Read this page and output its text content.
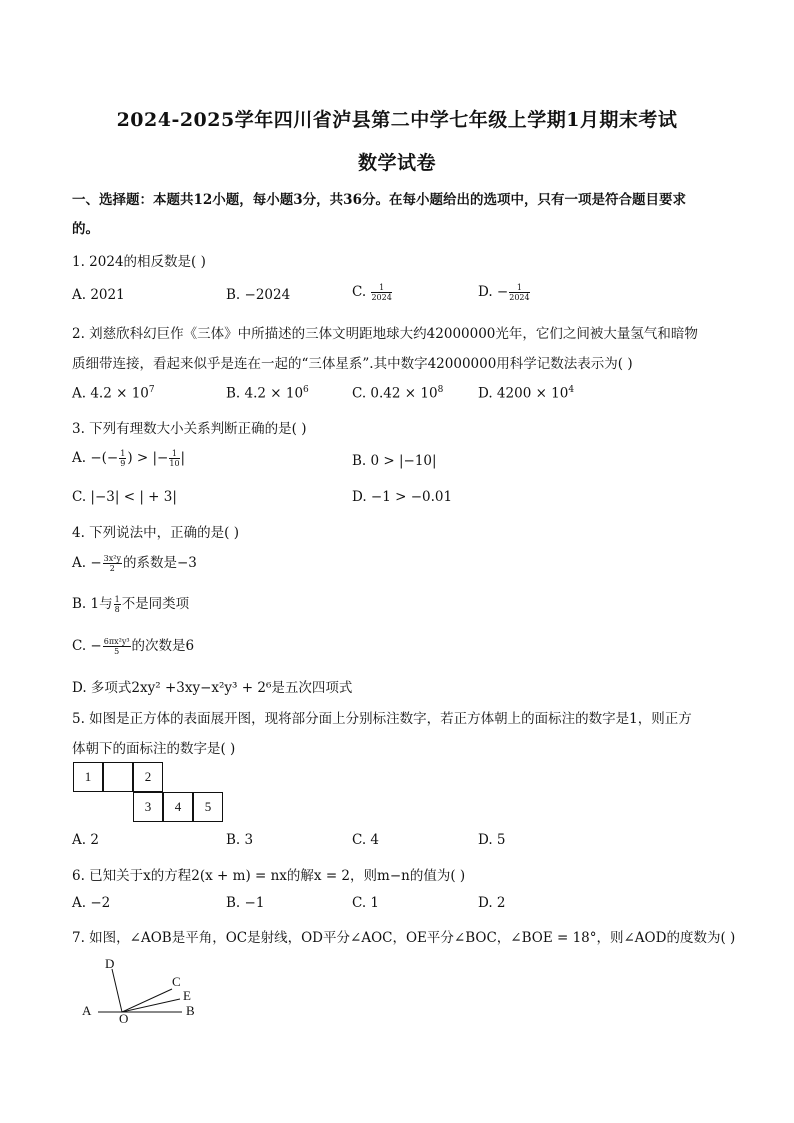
2024-2025学年四川省泸县第二中学七年级上学期1月期末考试
数学试卷
一、选择题：本题共12小题，每小题3分，共36分。在每小题给出的选项中，只有一项是符合题目要求
的。
1. 2024的相反数是( )
A. 2021	B. −2024	C. $\frac{1}{2024}$	D. − $\frac{1}{2024}$
2. 刘慈欣科幻巨作《三体》中所描述的三体文明距地球大约42000000光年，它们之间被大量氢气和暗物
质细带连接，看起来似乎是连在一起的“三体星系”.其中数字42000000用科学记数法表示为( )
A. $4.2 \times 10^7$	B. $4.2 \times 10^6$	C. $0.42 \times 10^8$	D. $4200 \times 10^4$
3. 下列有理数大小关系判断正确的是( )
A. −(− $\frac{1}{9}$ ) > |− $\frac{1}{10}$ |	B. 0 > |−10|
C. |−3| < | + 3|	D. −1 > −0.01
4. 下列说法中，正确的是( )
A. − $\frac{\text{3x²y}}{2}$ 的系数是−3
B. 1与 $\frac{1}{8}$ 不是同类项
C. − $\frac{\text{6πx²y³}}{5}$ 的次数是6
D. 多项式2xy² +3xy−x²y³ + 2⁶是五次四项式
5. 如图是正方体的表面展开图，现将部分面上分别标注数字，若正方体朝上的面标注的数字是1，则正方
体朝下的面标注的数字是( )
1	2
3	4	5
A. 2	B. 3	C. 4	D. 5
6. 已知关于x的方程2(x + m) = nx的解x = 2，则m−n的值为( )
A. −2	B. −1	C. 1	D. 2
7. 如图，∠AOB是平角，OC是射线，OD平分∠AOC，OE平分∠BOC，∠BOE = 18°，则∠AOD的度数为( )
D
C
E
A
O
B
